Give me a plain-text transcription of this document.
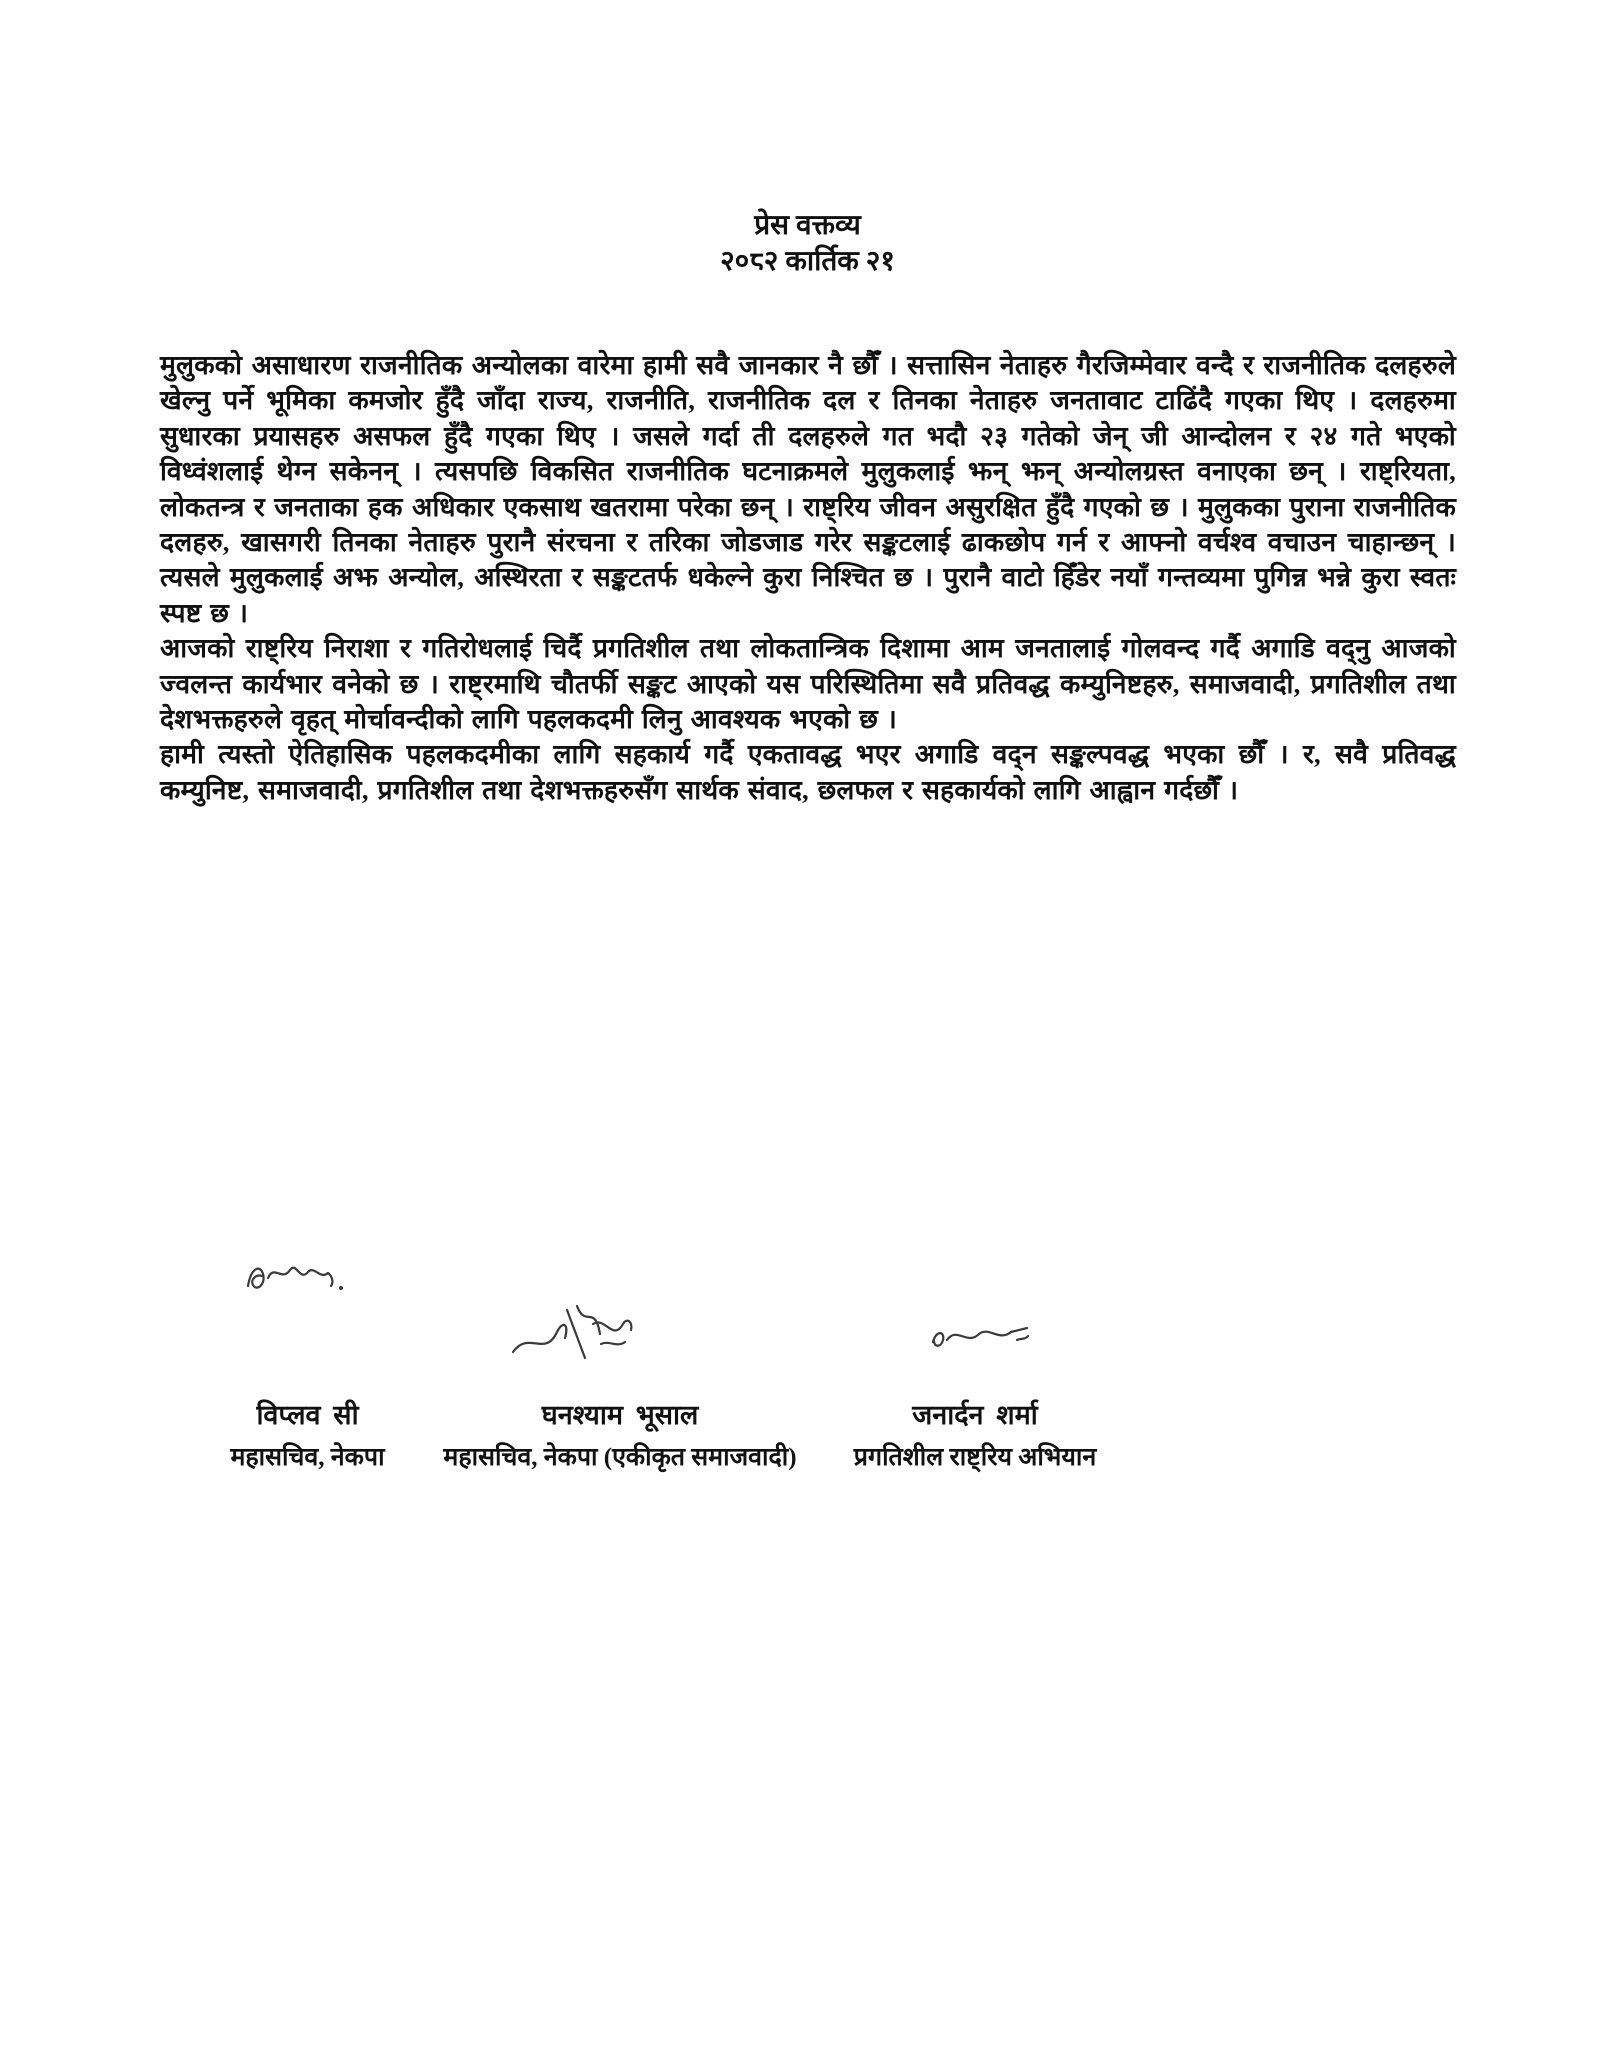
प्रेस वक्तव्य
२०८२ कार्तिक २१

मुलुकको असाधारण राजनीतिक अन्योलका वारेमा हामी सवै जानकार नै छौँ । सत्तासिन नेताहरु गैरजिम्मेवार वन्दै र राजनीतिक दलहरुले खेल्नु पर्ने भूमिका कमजोर हुँदै जाँदा राज्य, राजनीति, राजनीतिक दल र तिनका नेताहरु जनतावाट टाढिंदै गएका थिए । दलहरुमा सुधारका प्रयासहरु असफल हुँदै गएका थिए । जसले गर्दा ती दलहरुले गत भदौ २३ गतेको जेन् जी आन्दोलन र २४ गते भएको विध्वंशलाई थेग्न सकेनन् । त्यसपछि विकसित राजनीतिक घटनाक्रमले मुलुकलाई झन् झन् अन्योलग्रस्त वनाएका छन् । राष्ट्रियता, लोकतन्त्र र जनताका हक अधिकार एकसाथ खतरामा परेका छन् । राष्ट्रिय जीवन असुरक्षित हुँदै गएको छ । मुलुकका पुराना राजनीतिक दलहरु, खासगरी तिनका नेताहरु पुरानै संरचना र तरिका जोडजाड गरेर सङ्कटलाई ढाकछोप गर्न र आफ्नो वर्चश्व वचाउन चाहान्छन् । त्यसले मुलुकलाई अझ अन्योल, अस्थिरता र सङ्कटतर्फ धकेल्ने कुरा निश्चित छ । पुरानै वाटो हिँडेर नयाँ गन्तव्यमा पुगिन्न भन्ने कुरा स्वतः स्पष्ट छ ।

आजको राष्ट्रिय निराशा र गतिरोधलाई चिर्दै प्रगतिशील तथा लोकतान्त्रिक दिशामा आम जनतालाई गोलवन्द गर्दै अगाडि वद्नु आजको ज्वलन्त कार्यभार वनेको छ । राष्ट्रमाथि चौतर्फी सङ्कट आएको यस परिस्थितिमा सवै प्रतिवद्ध कम्युनिष्टहरु, समाजवादी, प्रगतिशील तथा देशभक्तहरुले वृहत् मोर्चावन्दीको लागि पहलकदमी लिनु आवश्यक भएको छ ।

हामी त्यस्तो ऐतिहासिक पहलकदमीका लागि सहकार्य गर्दै एकतावद्ध भएर अगाडि वद्न सङ्कल्पवद्ध भएका छौँ । र, सवै प्रतिवद्ध कम्युनिष्ट, समाजवादी, प्रगतिशील तथा देशभक्तहरुसँग सार्थक संवाद, छलफल र सहकार्यको लागि आह्वान गर्दछौँ ।

विप्लव सी
महासचिव, नेकपा
घनश्याम भूसाल
महासचिव, नेकपा (एकीकृत समाजवादी)
जनार्दन शर्मा
प्रगतिशील राष्ट्रिय अभियान
